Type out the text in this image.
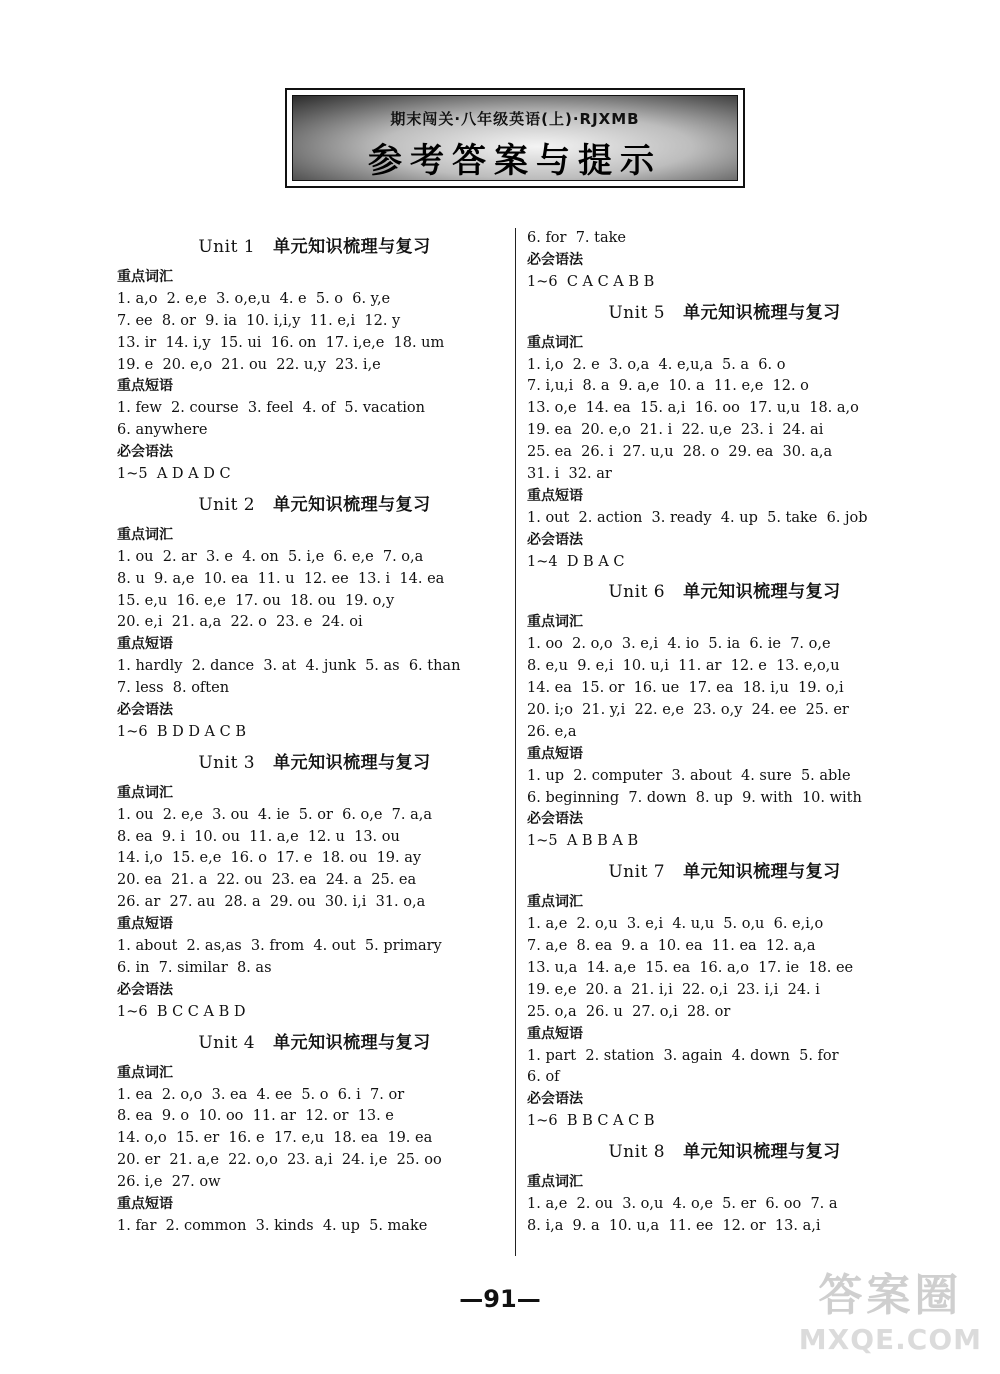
期末闯关·八年级英语(上)·RJXMB
参考答案与提示
Unit 1 单元知识梳理与复习
重点词汇
1. a,o  2. e,e  3. o,e,u  4. e  5. o  6. y,e
7. ee  8. or  9. ia  10. i,i,y  11. e,i  12. y
13. ir  14. i,y  15. ui  16. on  17. i,e,e  18. um
19. e  20. e,o  21. ou  22. u,y  23. i,e
重点短语
1. few  2. course  3. feel  4. of  5. vacation
6. anywhere
必会语法
1~5  A D A D C
Unit 2 单元知识梳理与复习
重点词汇
1. ou  2. ar  3. e  4. on  5. i,e  6. e,e  7. o,a
8. u  9. a,e  10. ea  11. u  12. ee  13. i  14. ea
15. e,u  16. e,e  17. ou  18. ou  19. o,y
20. e,i  21. a,a  22. o  23. e  24. oi
重点短语
1. hardly  2. dance  3. at  4. junk  5. as  6. than
7. less  8. often
必会语法
1~6  B D D A C B
Unit 3 单元知识梳理与复习
重点词汇
1. ou  2. e,e  3. ou  4. ie  5. or  6. o,e  7. a,a
8. ea  9. i  10. ou  11. a,e  12. u  13. ou
14. i,o  15. e,e  16. o  17. e  18. ou  19. ay
20. ea  21. a  22. ou  23. ea  24. a  25. ea
26. ar  27. au  28. a  29. ou  30. i,i  31. o,a
重点短语
1. about  2. as,as  3. from  4. out  5. primary
6. in  7. similar  8. as
必会语法
1~6  B C C A B D
Unit 4 单元知识梳理与复习
重点词汇
1. ea  2. o,o  3. ea  4. ee  5. o  6. i  7. or
8. ea  9. o  10. oo  11. ar  12. or  13. e
14. o,o  15. er  16. e  17. e,u  18. ea  19. ea
20. er  21. a,e  22. o,o  23. a,i  24. i,e  25. oo
26. i,e  27. ow
重点短语
1. far  2. common  3. kinds  4. up  5. make
6. for  7. take
必会语法
1~6  C A C A B B
Unit 5 单元知识梳理与复习
重点词汇
1. i,o  2. e  3. o,a  4. e,u,a  5. a  6. o
7. i,u,i  8. a  9. a,e  10. a  11. e,e  12. o
13. o,e  14. ea  15. a,i  16. oo  17. u,u  18. a,o
19. ea  20. e,o  21. i  22. u,e  23. i  24. ai
25. ea  26. i  27. u,u  28. o  29. ea  30. a,a
31. i  32. ar
重点短语
1. out  2. action  3. ready  4. up  5. take  6. job
必会语法
1~4  D B A C
Unit 6 单元知识梳理与复习
重点词汇
1. oo  2. o,o  3. e,i  4. io  5. ia  6. ie  7. o,e
8. e,u  9. e,i  10. u,i  11. ar  12. e  13. e,o,u
14. ea  15. or  16. ue  17. ea  18. i,u  19. o,i
20. i;o  21. y,i  22. e,e  23. o,y  24. ee  25. er
26. e,a
重点短语
1. up  2. computer  3. about  4. sure  5. able
6. beginning  7. down  8. up  9. with  10. with
必会语法
1~5  A B B A B
Unit 7 单元知识梳理与复习
重点词汇
1. a,e  2. o,u  3. e,i  4. u,u  5. o,u  6. e,i,o
7. a,e  8. ea  9. a  10. ea  11. ea  12. a,a
13. u,a  14. a,e  15. ea  16. a,o  17. ie  18. ee
19. e,e  20. a  21. i,i  22. o,i  23. i,i  24. i
25. o,a  26. u  27. o,i  28. or
重点短语
1. part  2. station  3. again  4. down  5. for
6. of
必会语法
1~6  B B C A C B
Unit 8 单元知识梳理与复习
重点词汇
1. a,e  2. ou  3. o,u  4. o,e  5. er  6. oo  7. a
8. i,a  9. a  10. u,a  11. ee  12. or  13. a,i
—91—	答案圈
MXQE.COM
